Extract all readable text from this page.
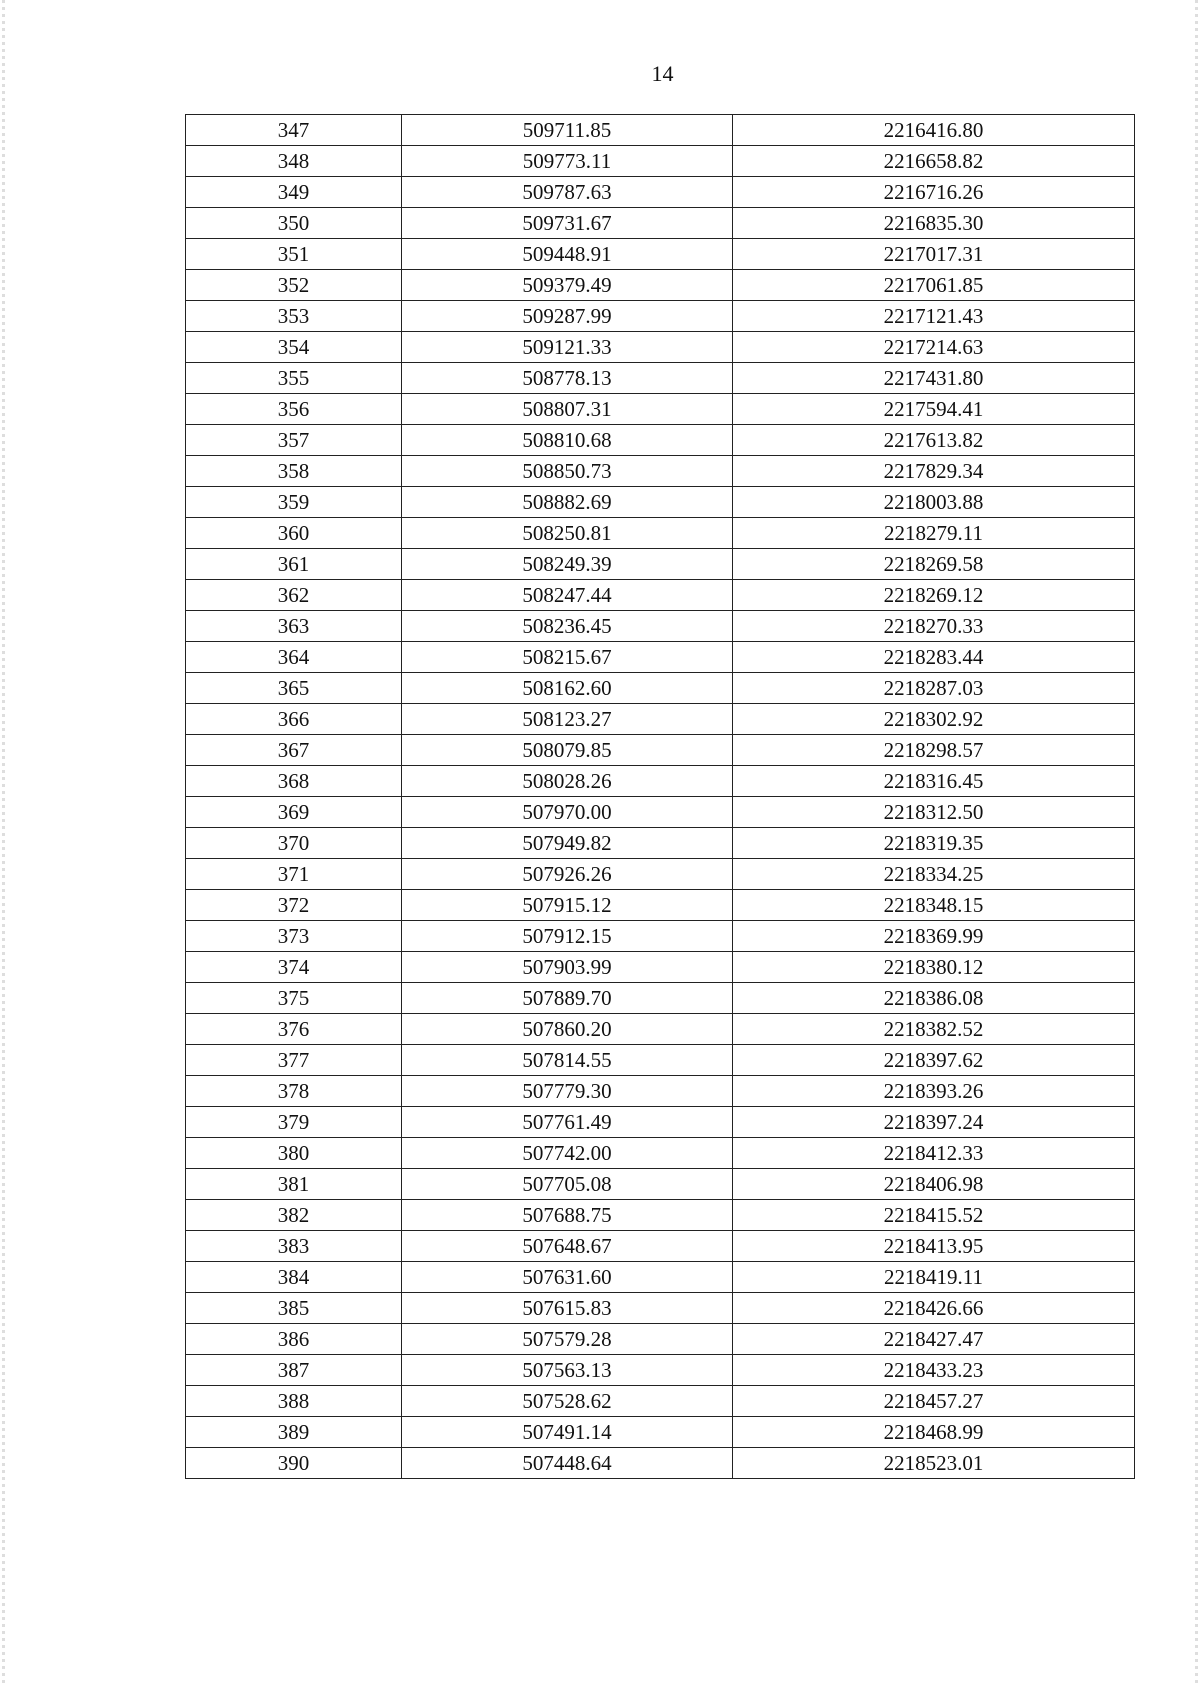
14
347	509711.85	2216416.80
348	509773.11	2216658.82
349	509787.63	2216716.26
350	509731.67	2216835.30
351	509448.91	2217017.31
352	509379.49	2217061.85
353	509287.99	2217121.43
354	509121.33	2217214.63
355	508778.13	2217431.80
356	508807.31	2217594.41
357	508810.68	2217613.82
358	508850.73	2217829.34
359	508882.69	2218003.88
360	508250.81	2218279.11
361	508249.39	2218269.58
362	508247.44	2218269.12
363	508236.45	2218270.33
364	508215.67	2218283.44
365	508162.60	2218287.03
366	508123.27	2218302.92
367	508079.85	2218298.57
368	508028.26	2218316.45
369	507970.00	2218312.50
370	507949.82	2218319.35
371	507926.26	2218334.25
372	507915.12	2218348.15
373	507912.15	2218369.99
374	507903.99	2218380.12
375	507889.70	2218386.08
376	507860.20	2218382.52
377	507814.55	2218397.62
378	507779.30	2218393.26
379	507761.49	2218397.24
380	507742.00	2218412.33
381	507705.08	2218406.98
382	507688.75	2218415.52
383	507648.67	2218413.95
384	507631.60	2218419.11
385	507615.83	2218426.66
386	507579.28	2218427.47
387	507563.13	2218433.23
388	507528.62	2218457.27
389	507491.14	2218468.99
390	507448.64	2218523.01
